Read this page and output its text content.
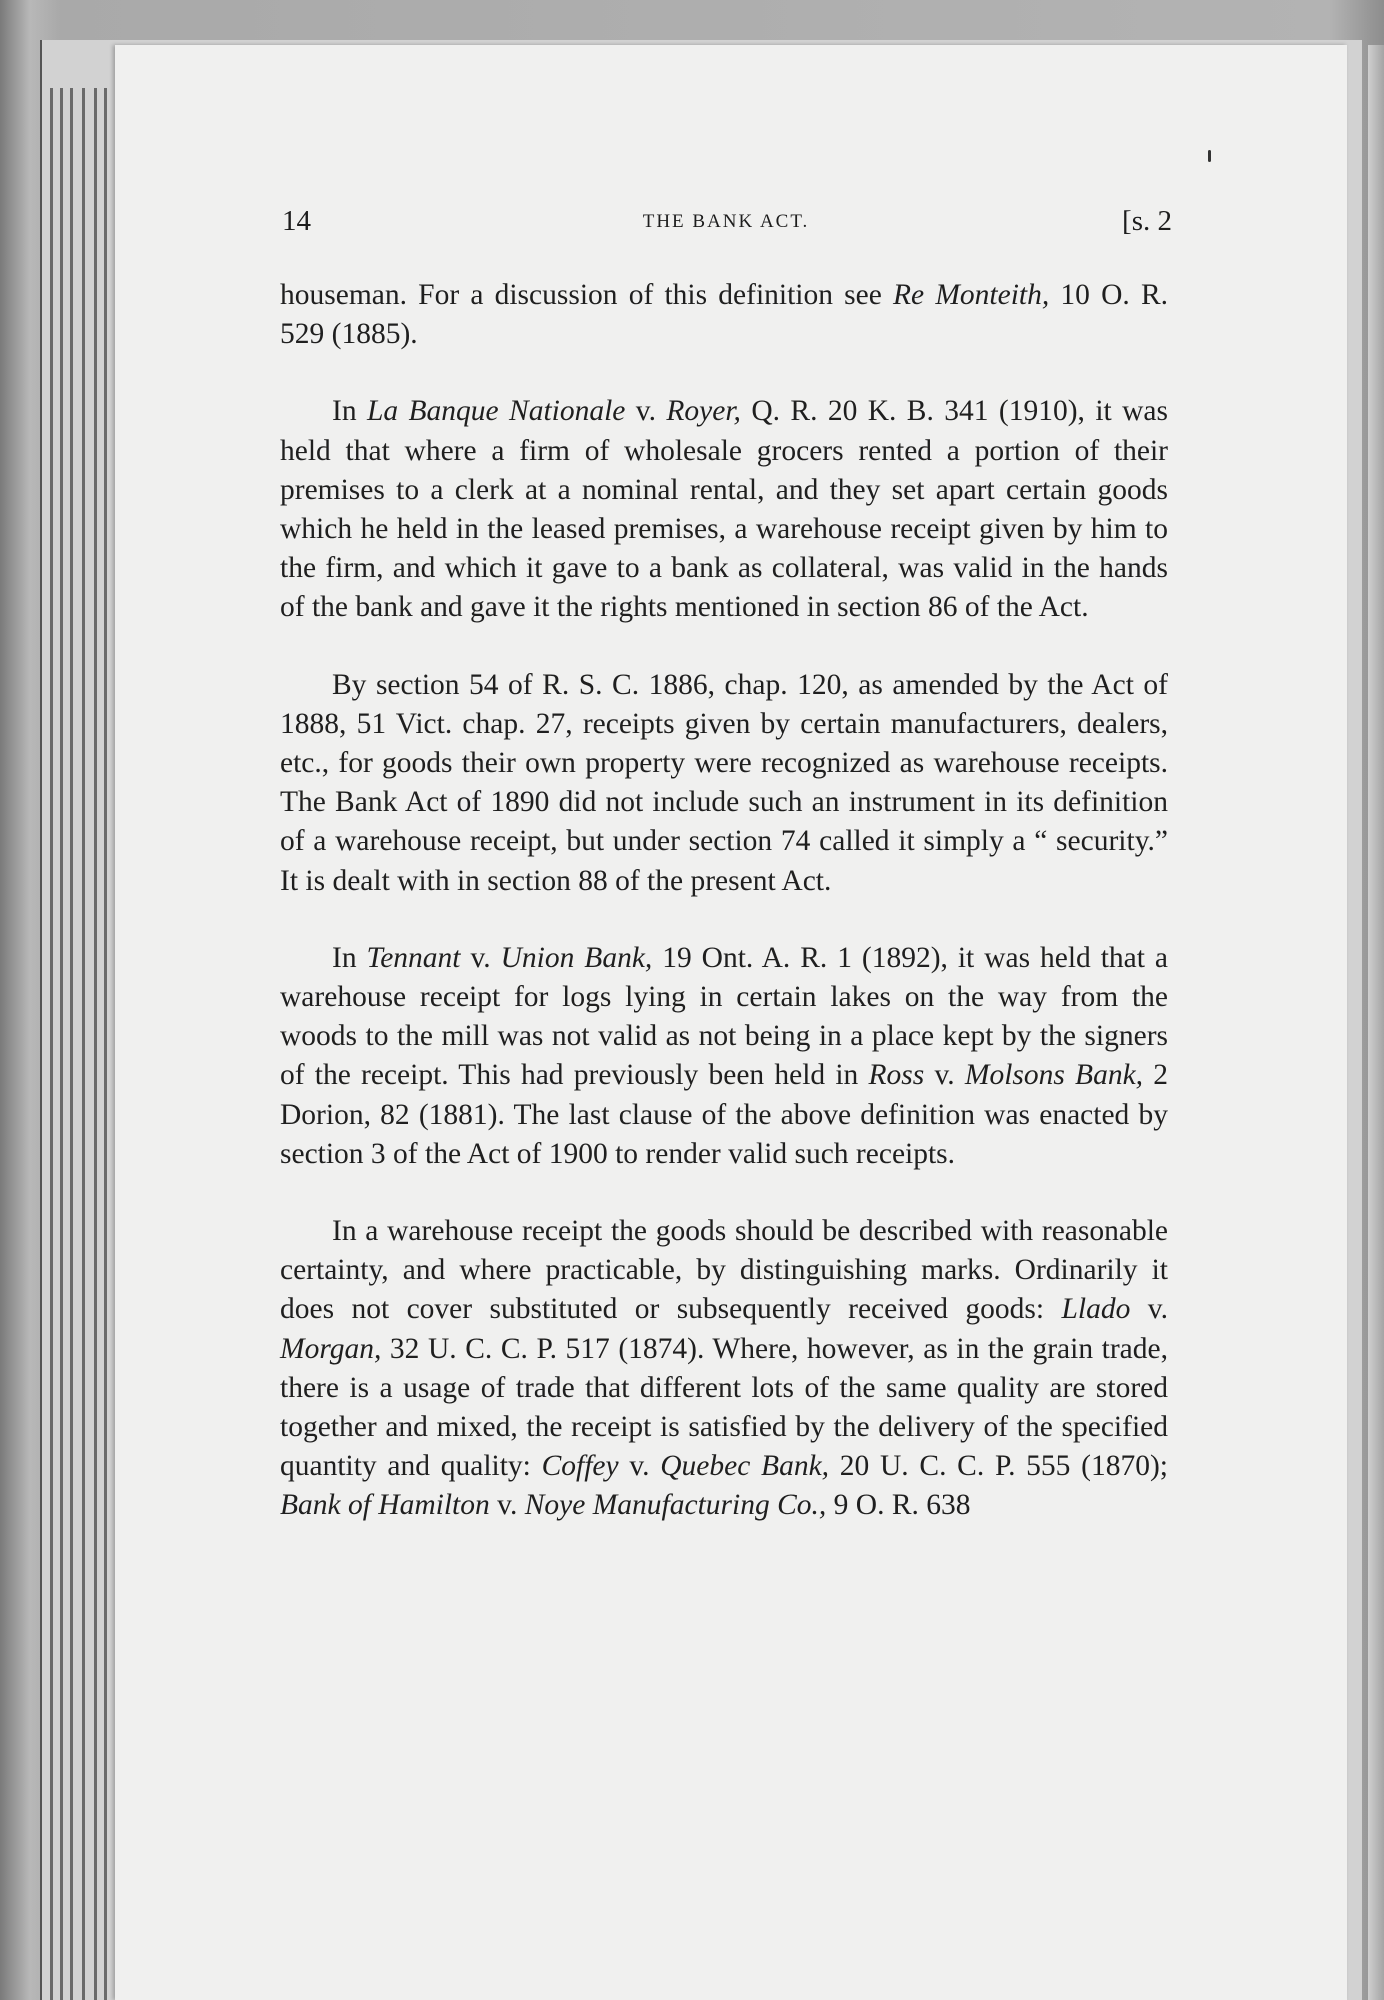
14	THE BANK ACT.	[s. 2

houseman. For a discussion of this definition see Re Monteith, 10 O. R. 529 (1885).

In La Banque Nationale v. Royer, Q. R. 20 K. B. 341 (1910), it was held that where a firm of wholesale grocers rented a portion of their premises to a clerk at a nominal rental, and they set apart certain goods which he held in the leased premises, a warehouse receipt given by him to the firm, and which it gave to a bank as collateral, was valid in the hands of the bank and gave it the rights mentioned in section 86 of the Act.

By section 54 of R. S. C. 1886, chap. 120, as amended by the Act of 1888, 51 Vict. chap. 27, receipts given by certain manufacturers, dealers, etc., for goods their own property were recognized as warehouse receipts. The Bank Act of 1890 did not include such an instrument in its definition of a warehouse receipt, but under section 74 called it simply a “ security.” It is dealt with in section 88 of the present Act.

In Tennant v. Union Bank, 19 Ont. A. R. 1 (1892), it was held that a warehouse receipt for logs lying in certain lakes on the way from the woods to the mill was not valid as not being in a place kept by the signers of the receipt. This had previously been held in Ross v. Molsons Bank, 2 Dorion, 82 (1881). The last clause of the above definition was enacted by section 3 of the Act of 1900 to render valid such receipts.

In a warehouse receipt the goods should be described with reasonable certainty, and where practicable, by distinguishing marks. Ordinarily it does not cover substituted or subsequently received goods: Llado v. Morgan, 32 U. C. C. P. 517 (1874). Where, however, as in the grain trade, there is a usage of trade that different lots of the same quality are stored together and mixed, the receipt is satisfied by the delivery of the specified quantity and quality: Coffey v. Quebec Bank, 20 U. C. C. P. 555 (1870); Bank of Hamilton v. Noye Manufacturing Co., 9 O. R. 638
